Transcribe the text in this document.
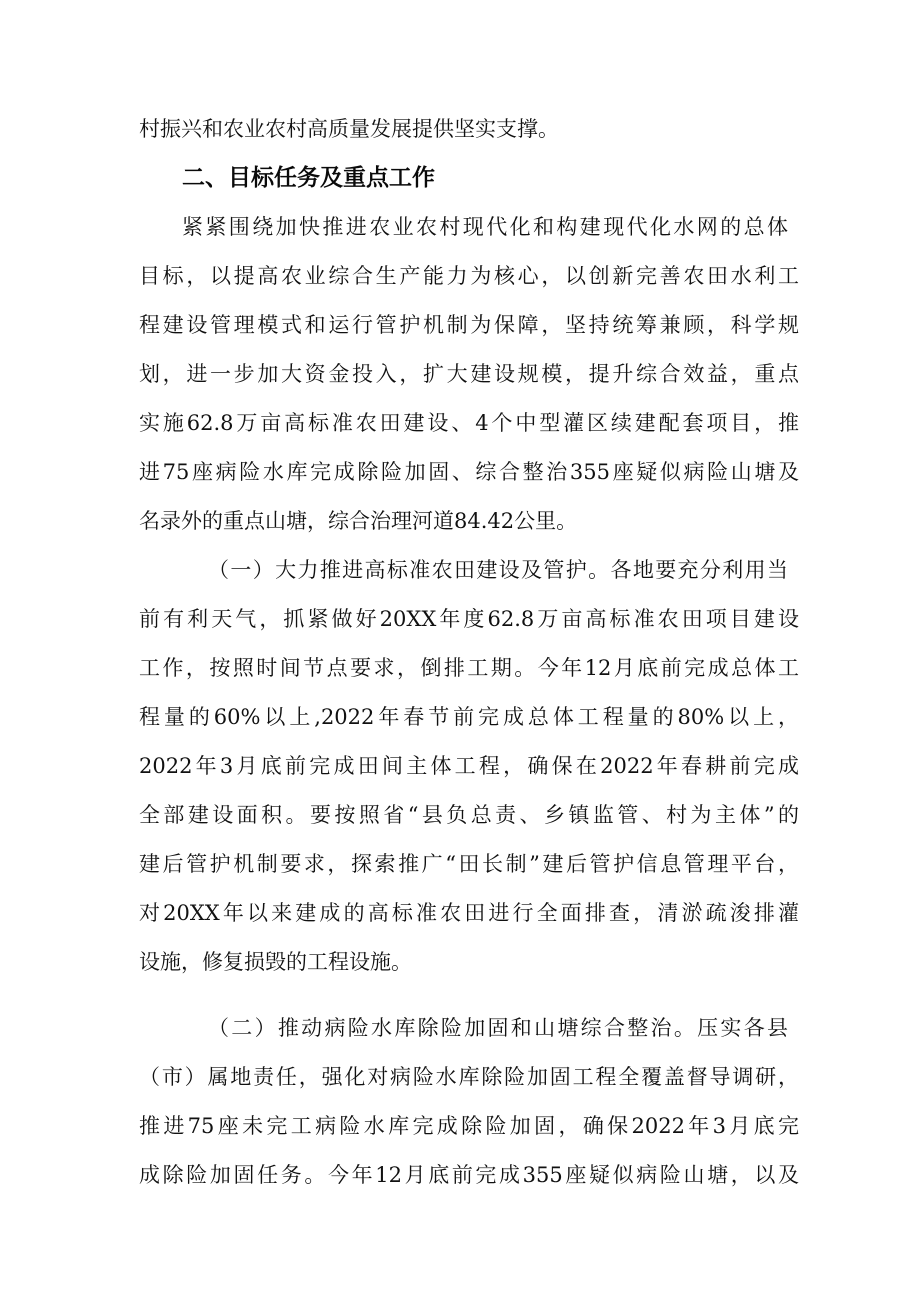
村振兴和农业农村高质量发展提供坚实支撑。
二、目标任务及重点工作
紧紧围绕加快推进农业农村现代化和构建现代化水网的总体
目标，以提高农业综合生产能力为核心，以创新完善农田水利工
程建设管理模式和运行管护机制为保障，坚持统筹兼顾，科学规
划，进一步加大资金投入，扩大建设规模，提升综合效益，重点
实施62.8万亩高标准农田建设、4个中型灌区续建配套项目，推
进75座病险水库完成除险加固、综合整治355座疑似病险山塘及
名录外的重点山塘，综合治理河道84.42公里。
（一）大力推进高标准农田建设及管护。各地要充分利用当
前有利天气，抓紧做好20XX年度62.8万亩高标准农田项目建设
工作，按照时间节点要求，倒排工期。今年12月底前完成总体工
程量的60%以上,2022年春节前完成总体工程量的80%以上，
2022年3月底前完成田间主体工程，确保在2022年春耕前完成
全部建设面积。要按照省“县负总责、乡镇监管、村为主体”的
建后管护机制要求，探索推广“田长制”建后管护信息管理平台，
对20XX年以来建成的高标准农田进行全面排查，清淤疏浚排灌
设施，修复损毁的工程设施。
（二）推动病险水库除险加固和山塘综合整治。压实各县
（市）属地责任，强化对病险水库除险加固工程全覆盖督导调研，
推进75座未完工病险水库完成除险加固，确保2022年3月底完
成除险加固任务。今年12月底前完成355座疑似病险山塘，以及
